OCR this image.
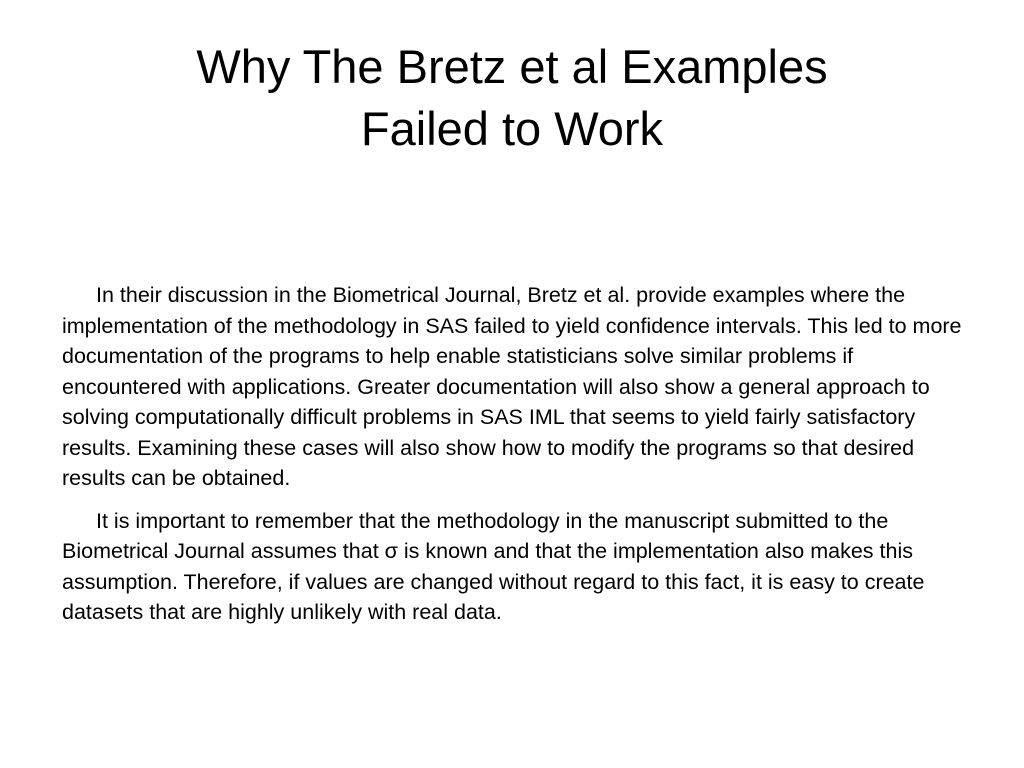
Why The Bretz et al Examples
Failed to Work

In their discussion in the Biometrical Journal, Bretz et al. provide examples where the implementation of the methodology in SAS failed to yield confidence intervals. This led to more documentation of the programs to help enable statisticians solve similar problems if encountered with applications. Greater documentation will also show a general approach to solving computationally difficult problems in SAS IML that seems to yield fairly satisfactory results. Examining these cases will also show how to modify the programs so that desired results can be obtained.

It is important to remember that the methodology in the manuscript submitted to the Biometrical Journal assumes that σ is known and that the implementation also makes this assumption. Therefore, if values are changed without regard to this fact, it is easy to create datasets that are highly unlikely with real data.
